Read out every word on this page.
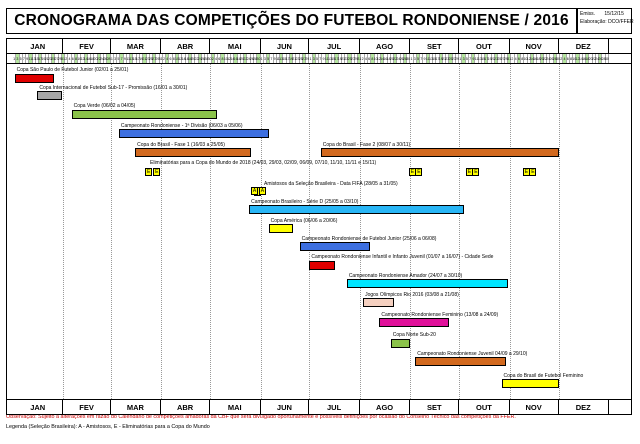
CRONOGRAMA DAS COMPETIÇÕES DO FUTEBOL RONDONIENSE / 2016 Emiss. 15/12/15
Elaboração: DCO/FFER
JAN	FEV	MAR	ABR	MAI	JUN	JUL	AGO	SET	OUT	NOV	DEZ
1 3 5 7 9 11 13 15 17 19 21 23 25 27 29 31 2 4 6 8 10 12 14 16 18 20 22 24 26 28 1 3 5 7 9 11 13 15 17 19 21 23 25 27 29 31 2 4 6 8 10 12 14 16 18 20 22 24 26 28 30 2 4 6 8 10 12 14 16 18 20 22 24 26 28 30 1 3 5 7 9 11 13 15 17 19 21 23 25 27 29 1 3 5 7 9 11 13 15 17 19 21 23 25 27 29 31 2 4 6 8 10 12 14 16 18 20 22 24 26 28 30 1 3 5 7 9 11 13 15 17 19 21 23 25 27 29 1 3 5 7 9 11 13 15 17 19 21 23 25 27 29 31 2 4 6 8 10 12 14 16 18 20 22 24 26 28 30 2 4 6 8 10 12 14 16 18 20 22 24 26 28 30
Copa São Paulo de Futebol Junior (02/01 a 25/01)
Copa Internacional de Futebol Sub-17 - Promissão (16/01 a 30/01)
Copa Verde (06/02 a 04/05)
Campeonato Rondoniense - 1ª Divisão (06/03 a 05/06)
Copa do Brasil - Fase 1 (16/03 a 25/05)	Copa do Brasil - Fase 2 (08/07 a 30/11)
Amistosos da Seleção Brasileira - Data FIFA (28/05 a 31/05)
Campeonato Brasileiro - Série D (25/05 a 03/10)
Copa América (06/06 a 20/06)
Campeonato Rondoniense de Futebol Junior (25/06 a 06/08)
Campeonato Rondoniense Infantil e Infanto Juvenil (01/07 a 16/07) - Cidade Sede
Campeonato Rondoniense Amador (24/07 a 30/10)
Jogos Olímpicos Rio 2016 (03/08 a 21/08)
Campeonato Rondoniense Feminino (13/08 a 24/09)
Copa Norte Sub-20
Campeonato Rondoniense Juvenil 04/09 a 29/10)
Copa do Brasil de Futebol Feminino
Eliminatórias para a Copa do Mundo de 2018 (24/03, 29/03, 02/09, 06/09, 07/10, 11/10, 11/11 e 15/11)
E E	E E	E E	E E
A A
JAN	FEV	MAR	ABR	MAI	JUN	JUL	AGO	SET	OUT	NOV	DEZ
Observação: Sujeito a alterações em razão do Calendário de competições amadoras da CBF que será divulgado oportunamente e possíveis definições por ocasião do Conselho Técnico das competições da FFER.
Legenda (Seleção Brasileira): A - Amistosos, E - Eliminatórias para a Copa do Mundo
